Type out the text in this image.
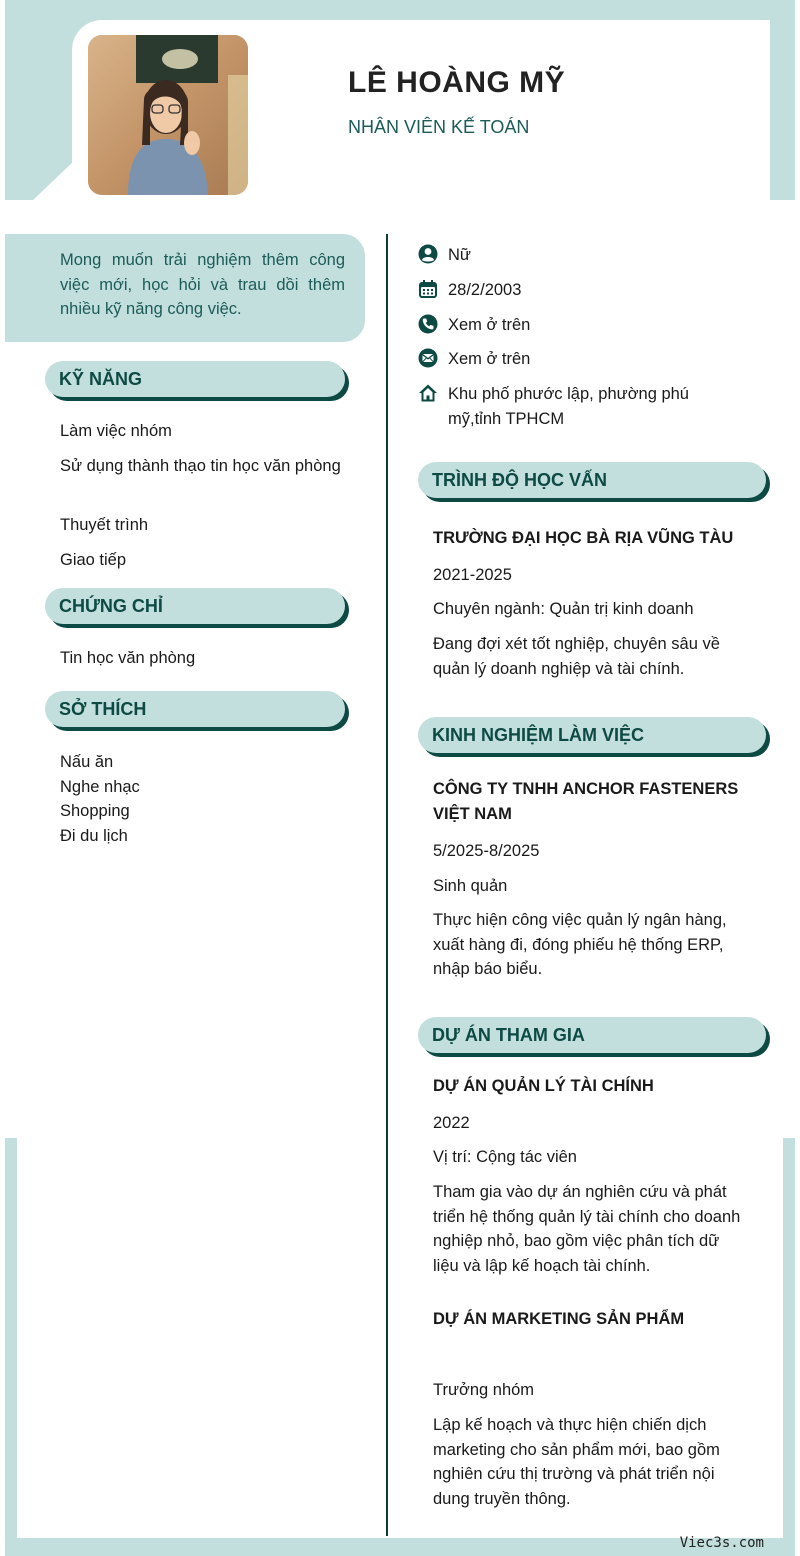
LÊ HOÀNG MỸ
NHÂN VIÊN KẾ TOÁN

Mong muốn trải nghiệm thêm công việc mới, học hỏi và trau dồi thêm nhiều kỹ năng công việc.

KỸ NĂNG
Làm việc nhóm
Sử dụng thành thạo tin học văn phòng
Thuyết trình
Giao tiếp
CHỨNG CHỈ
Tin học văn phòng
SỞ THÍCH
Nấu ăn
Nghe nhạc
Shopping
Đi du lịch
Nữ
28/2/2003
Xem ở trên
Xem ở trên
Khu phố phước lập, phường phú mỹ,tỉnh TPHCM
TRÌNH ĐỘ HỌC VẤN
TRƯỜNG ĐẠI HỌC BÀ RỊA VŨNG TÀU
2021-2025
Chuyên ngành: Quản trị kinh doanh
Đang đợi xét tốt nghiệp, chuyên sâu về quản lý doanh nghiệp và tài chính.
KINH NGHIỆM LÀM VIỆC
CÔNG TY TNHH ANCHOR FASTENERS VIỆT NAM
5/2025-8/2025
Sinh quản
Thực hiện công việc quản lý ngân hàng, xuất hàng đi, đóng phiếu hệ thống ERP, nhập báo biểu.
DỰ ÁN THAM GIA
DỰ ÁN QUẢN LÝ TÀI CHÍNH
2022
Vị trí: Cộng tác viên
Tham gia vào dự án nghiên cứu và phát triển hệ thống quản lý tài chính cho doanh nghiệp nhỏ, bao gồm việc phân tích dữ liệu và lập kế hoạch tài chính.
DỰ ÁN MARKETING SẢN PHẨM
Trưởng nhóm
Lập kế hoạch và thực hiện chiến dịch marketing cho sản phẩm mới, bao gồm nghiên cứu thị trường và phát triển nội dung truyền thông.
Viec3s.com
